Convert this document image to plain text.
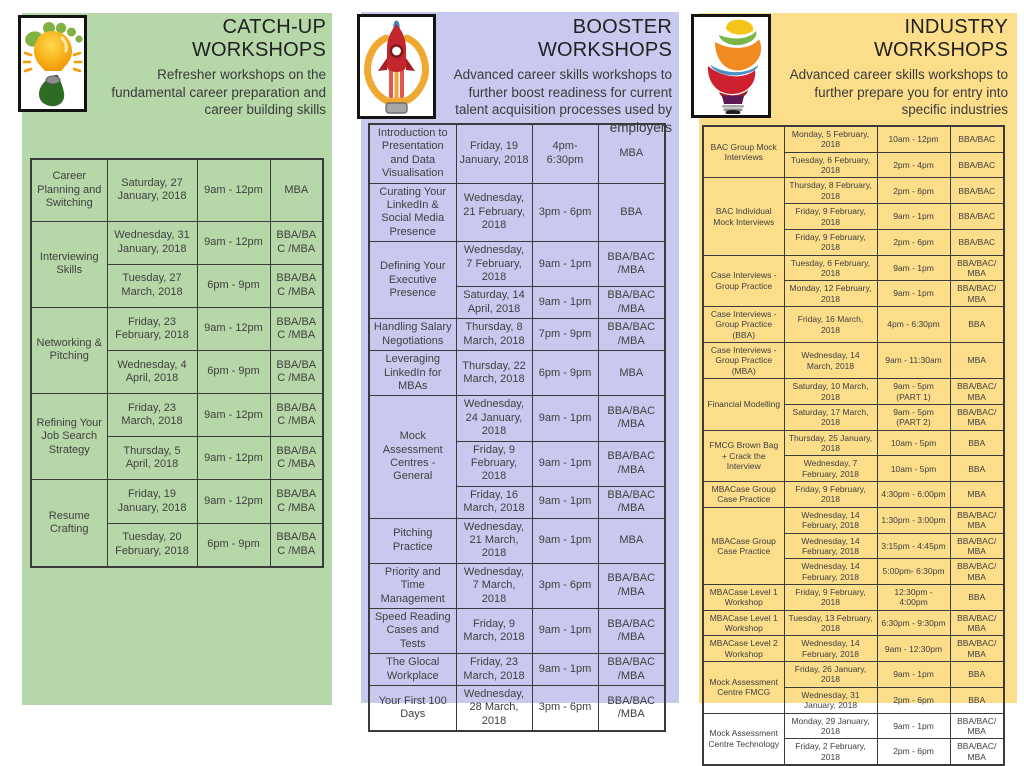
CATCH-UP WORKSHOPS
Refresher workshops on the fundamental career preparation and career building skills
BOOSTER WORKSHOPS
Advanced career skills workshops to further boost readiness for current talent acquisition processes used by employers
INDUSTRY WORKSHOPS
Advanced career skills workshops to further prepare you for entry into specific industries
Career Planning and Switching	Saturday, 27 January, 2018	9am - 12pm	MBA
Interviewing Skills	Wednesday, 31 January, 2018	9am - 12pm	BBA/BAC /MBA
	Tuesday, 27 March, 2018	6pm - 9pm	BBA/BAC /MBA
Networking & Pitching	Friday, 23 February, 2018	9am - 12pm	BBA/BAC /MBA
	Wednesday, 4 April, 2018	6pm - 9pm	BBA/BAC /MBA
Refining Your Job Search Strategy	Friday, 23 March, 2018	9am - 12pm	BBA/BAC /MBA
	Thursday, 5 April, 2018	9am - 12pm	BBA/BAC /MBA
Resume Crafting	Friday, 19 January, 2018	9am - 12pm	BBA/BAC /MBA
	Tuesday, 20 February, 2018	6pm - 9pm	BBA/BAC /MBA
Introduction to Presentation and Data Visualisation	Friday, 19 January, 2018	4pm- 6:30pm	MBA
Curating Your LinkedIn & Social Media Presence	Wednesday, 21 February, 2018	3pm - 6pm	BBA
Defining Your Executive Presence	Wednesday, 7 February, 2018	9am - 1pm	BBA/BAC /MBA
	Saturday, 14 April, 2018	9am - 1pm	BBA/BAC /MBA
Handling Salary Negotiations	Thursday, 8 March, 2018	7pm - 9pm	BBA/BAC /MBA
Leveraging LinkedIn for MBAs	Thursday, 22 March, 2018	6pm - 9pm	MBA
Mock Assessment Centres - General	Wednesday, 24 January, 2018	9am - 1pm	BBA/BAC /MBA
	Friday, 9 February, 2018	9am - 1pm	BBA/BAC /MBA
	Friday, 16 March, 2018	9am - 1pm	BBA/BAC /MBA
Pitching Practice	Wednesday, 21 March, 2018	9am - 1pm	MBA
Priority and Time Management	Wednesday, 7 March, 2018	3pm - 6pm	BBA/BAC /MBA
Speed Reading Cases and Tests	Friday, 9 March, 2018	9am - 1pm	BBA/BAC /MBA
The Glocal Workplace	Friday, 23 March, 2018	9am - 1pm	BBA/BAC /MBA
Your First 100 Days	Wednesday, 28 March, 2018	3pm - 6pm	BBA/BAC /MBA
BAC Group Mock Interviews	Monday, 5 February, 2018	10am - 12pm	BBA/BAC
	Tuesday, 6 February, 2018	2pm - 4pm	BBA/BAC
BAC Individual Mock Interviews	Thursday, 8 February, 2018	2pm - 6pm	BBA/BAC
	Friday, 9 February, 2018	9am - 1pm	BBA/BAC
	Friday, 9 February, 2018	2pm - 6pm	BBA/BAC
Case Interviews - Group Practice	Tuesday, 6 February, 2018	9am - 1pm	BBA/BAC/ MBA
	Monday, 12 February, 2018	9am - 1pm	BBA/BAC/ MBA
Case Interviews - Group Practice (BBA)	Friday, 16 March, 2018	4pm - 6:30pm	BBA
Case Interviews - Group Practice (MBA)	Wednesday, 14 March, 2018	9am - 11:30am	MBA
Financial Modelling	Saturday, 10 March, 2018	9am - 5pm (PART 1)	BBA/BAC/ MBA
	Saturday, 17 March, 2018	9am - 5pm (PART 2)	BBA/BAC/ MBA
FMCG Brown Bag + Crack the Interview	Thursday, 25 January, 2018	10am - 5pm	BBA
	Wednesday, 7 February, 2018	10am - 5pm	BBA
MBACase Group Case Practice	Friday, 9 February, 2018	4:30pm - 6:00pm	MBA
MBACase Group Case Practice	Wednesday, 14 February, 2018	1:30pm - 3:00pm	BBA/BAC/ MBA
	Wednesday, 14 February, 2018	3:15pm - 4:45pm	BBA/BAC/ MBA
	Wednesday, 14 February, 2018	5:00pm- 6:30pm	BBA/BAC/ MBA
MBACase Level 1 Workshop	Friday, 9 February, 2018	12:30pm - 4:00pm	BBA
MBACase Level 1 Workshop	Tuesday, 13 February, 2018	6:30pm - 9:30pm	BBA/BAC/ MBA
MBACase Level 2 Workshop	Wednesday, 14 February, 2018	9am - 12:30pm	BBA/BAC/ MBA
Mock Assessment Centre FMCG	Friday, 26 January, 2018	9am - 1pm	BBA
	Wednesday, 31 January, 2018	2pm - 6pm	BBA
Mock Assessment Centre Technology	Monday, 29 January, 2018	9am - 1pm	BBA/BAC/ MBA
	Friday, 2 February, 2018	2pm - 6pm	BBA/BAC/ MBA
